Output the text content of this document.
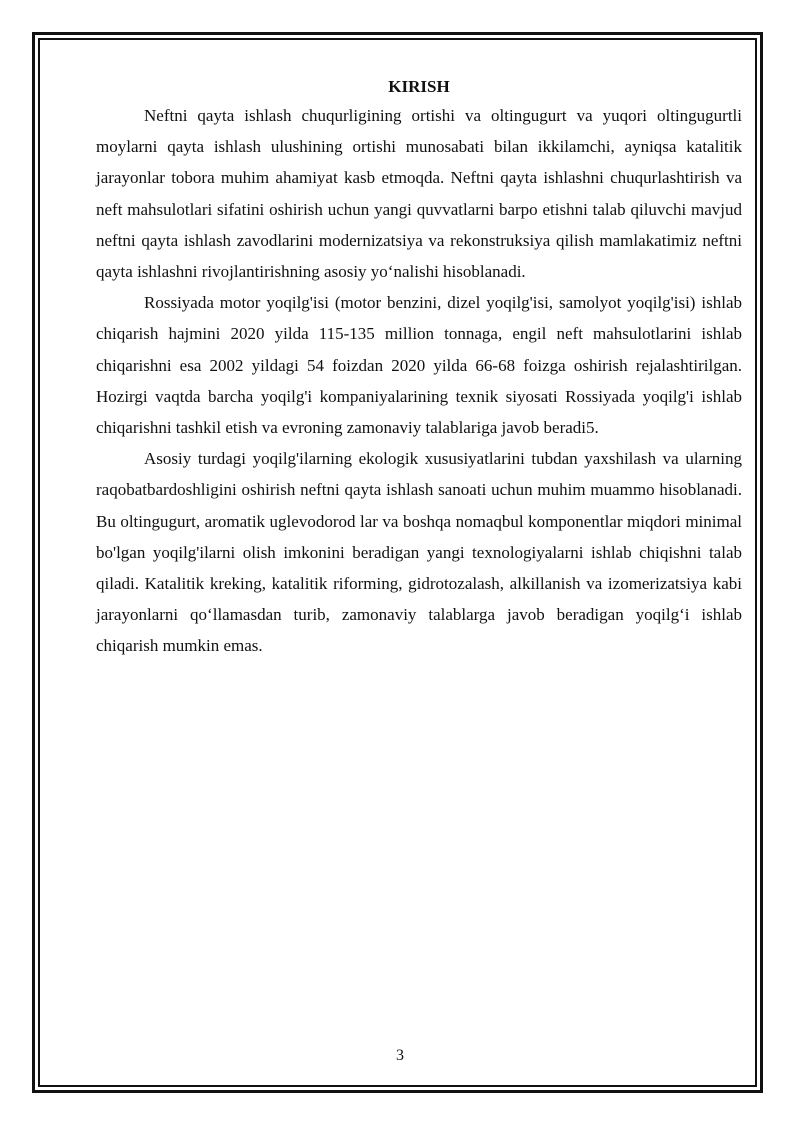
KIRISH

Neftni qayta ishlash chuqurligining ortishi va oltingugurt va yuqori oltingugurtli moylarni qayta ishlash ulushining ortishi munosabati bilan ikkilamchi, ayniqsa katalitik jarayonlar tobora muhim ahamiyat kasb etmoqda. Neftni qayta ishlashni chuqurlashtirish va neft mahsulotlari sifatini oshirish uchun yangi quvvatlarni barpo etishni talab qiluvchi mavjud neftni qayta ishlash zavodlarini modernizatsiya va rekonstruksiya qilish mamlakatimiz neftni qayta ishlashni rivojlantirishning asosiy yoʻnalishi hisoblanadi.

Rossiyada motor yoqilg'isi (motor benzini, dizel yoqilg'isi, samolyot yoqilg'isi) ishlab chiqarish hajmini 2020 yilda 115-135 million tonnaga, engil neft mahsulotlarini ishlab chiqarishni esa 2002 yildagi 54 foizdan 2020 yilda 66-68 foizga oshirish rejalashtirilgan. Hozirgi vaqtda barcha yoqilg'i kompaniyalarining texnik siyosati Rossiyada yoqilg'i ishlab chiqarishni tashkil etish va evroning zamonaviy talablariga javob beradi5.

Asosiy turdagi yoqilg'ilarning ekologik xususiyatlarini tubdan yaxshilash va ularning raqobatbardoshligini oshirish neftni qayta ishlash sanoati uchun muhim muammo hisoblanadi. Bu oltingugurt, aromatik uglevodorod lar va boshqa nomaqbul komponentlar miqdori minimal bo'lgan yoqilg'ilarni olish imkonini beradigan yangi texnologiyalarni ishlab chiqishni talab qiladi. Katalitik kreking, katalitik riforming, gidrotozalash, alkillanish va izomerizatsiya kabi jarayonlarni qoʻllamasdan turib, zamonaviy talablarga javob beradigan yoqilgʻi ishlab chiqarish mumkin emas.

3
